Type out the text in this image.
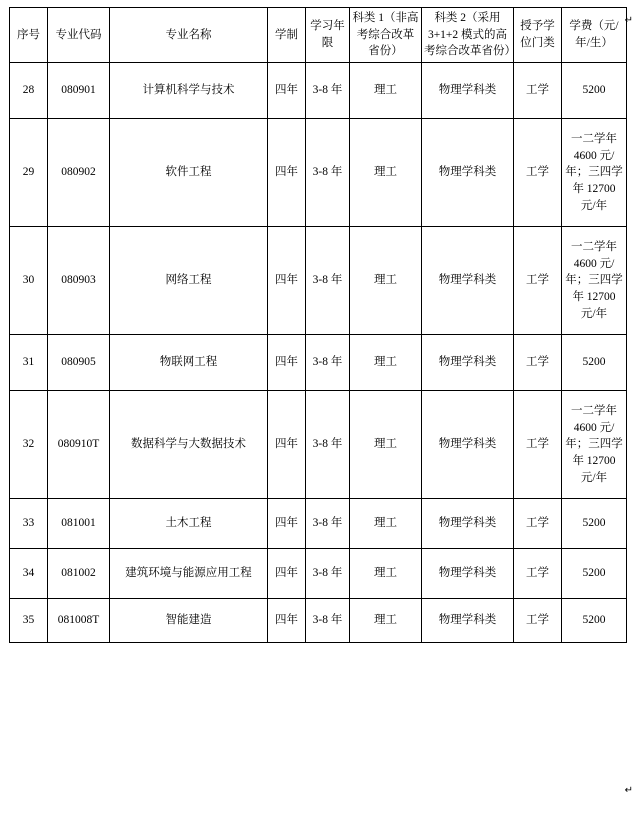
↵
↵
序号	专业代码	专业名称	学制	学习年限	科类 1（非高考综合改革省份）	科类 2（采用 3+1+2 模式的高考综合改革省份）	授予学位门类	学费（元/年/生）
28	080901	计算机科学与技术	四年	3-8 年	理工	物理学科类	工学	5200
29	080902	软件工程	四年	3-8 年	理工	物理学科类	工学	一二学年 4600 元/年；三四学年 12700 元/年
30	080903	网络工程	四年	3-8 年	理工	物理学科类	工学	一二学年 4600 元/年；三四学年 12700 元/年
31	080905	物联网工程	四年	3-8 年	理工	物理学科类	工学	5200
32	080910T	数据科学与大数据技术	四年	3-8 年	理工	物理学科类	工学	一二学年 4600 元/年；三四学年 12700 元/年
33	081001	土木工程	四年	3-8 年	理工	物理学科类	工学	5200
34	081002	建筑环境与能源应用工程	四年	3-8 年	理工	物理学科类	工学	5200
35	081008T	智能建造	四年	3-8 年	理工	物理学科类	工学	5200
